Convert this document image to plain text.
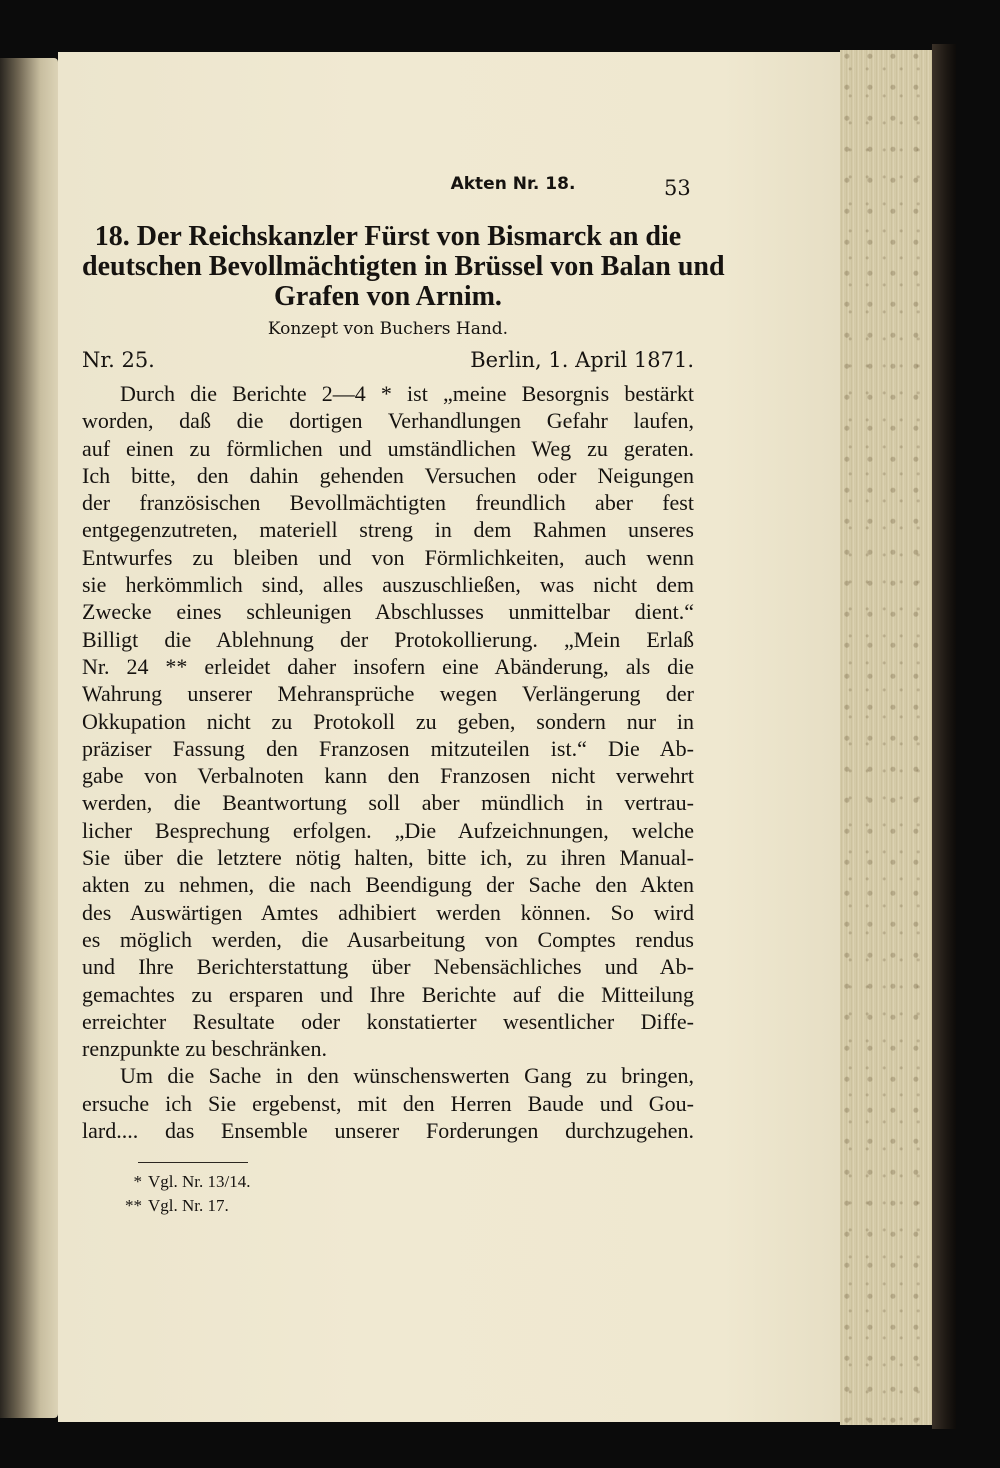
Akten Nr. 18.	53
18. Der Reichskanzler Fürst von Bismarck an die
deutschen Bevollmächtigten in Brüssel von Balan und
Grafen von Arnim.
Konzept von Buchers Hand.
Nr. 25.	Berlin, 1. April 1871.
Durch die Berichte 2—4 * ist „meine Besorgnis bestärkt
worden, daß die dortigen Verhandlungen Gefahr laufen,
auf einen zu förmlichen und umständlichen Weg zu geraten.
Ich bitte, den dahin gehenden Versuchen oder Neigungen
der französischen Bevollmächtigten freundlich aber fest
entgegenzutreten, materiell streng in dem Rahmen unseres
Entwurfes zu bleiben und von Förmlichkeiten, auch wenn
sie herkömmlich sind, alles auszuschließen, was nicht dem
Zwecke eines schleunigen Abschlusses unmittelbar dient.“
Billigt die Ablehnung der Protokollierung. „Mein Erlaß
Nr. 24 ** erleidet daher insofern eine Abänderung, als die
Wahrung unserer Mehransprüche wegen Verlängerung der
Okkupation nicht zu Protokoll zu geben, sondern nur in
präziser Fassung den Franzosen mitzuteilen ist.“ Die Ab-
gabe von Verbalnoten kann den Franzosen nicht verwehrt
werden, die Beantwortung soll aber mündlich in vertrau-
licher Besprechung erfolgen. „Die Aufzeichnungen, welche
Sie über die letztere nötig halten, bitte ich, zu ihren Manual-
akten zu nehmen, die nach Beendigung der Sache den Akten
des Auswärtigen Amtes adhibiert werden können. So wird
es möglich werden, die Ausarbeitung von Comptes rendus
und Ihre Berichterstattung über Nebensächliches und Ab-
gemachtes zu ersparen und Ihre Berichte auf die Mitteilung
erreichter Resultate oder konstatierter wesentlicher Diffe-
renzpunkte zu beschränken.
Um die Sache in den wünschenswerten Gang zu bringen,
ersuche ich Sie ergebenst, mit den Herren Baude und Gou-
lard.... das Ensemble unserer Forderungen durchzugehen.
* Vgl. Nr. 13/14.
** Vgl. Nr. 17.
